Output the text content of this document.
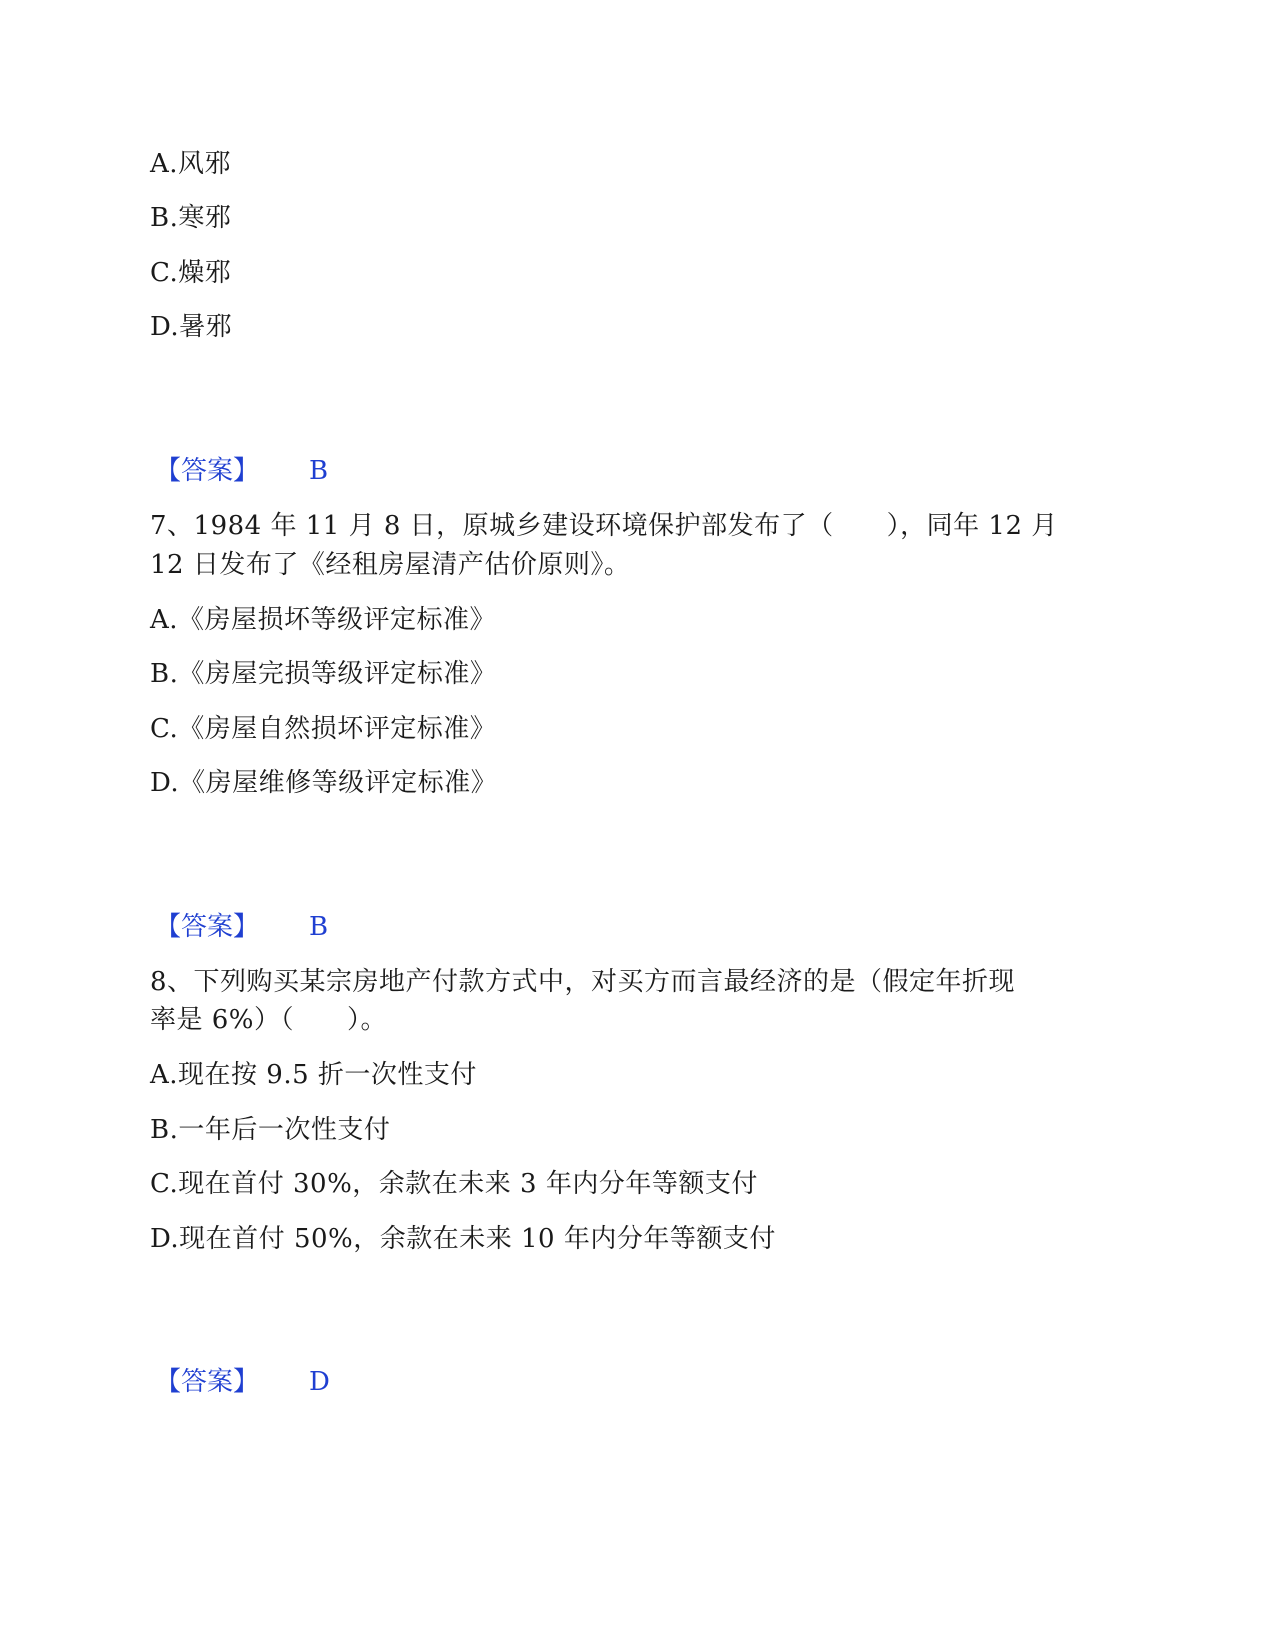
A.风邪
B.寒邪
C.燥邪
D.暑邪
【答案】 B
7、1984 年 11 月 8 日，原城乡建设环境保护部发布了（　　），同年 12 月
12 日发布了《经租房屋清产估价原则》。
A.《房屋损坏等级评定标准》
B.《房屋完损等级评定标准》
C.《房屋自然损坏评定标准》
D.《房屋维修等级评定标准》
【答案】 B
8、下列购买某宗房地产付款方式中，对买方而言最经济的是（假定年折现
率是 6%）（　　）。
A.现在按 9.5 折一次性支付
B.一年后一次性支付
C.现在首付 30%，余款在未来 3 年内分年等额支付
D.现在首付 50%，余款在未来 10 年内分年等额支付
【答案】 D
